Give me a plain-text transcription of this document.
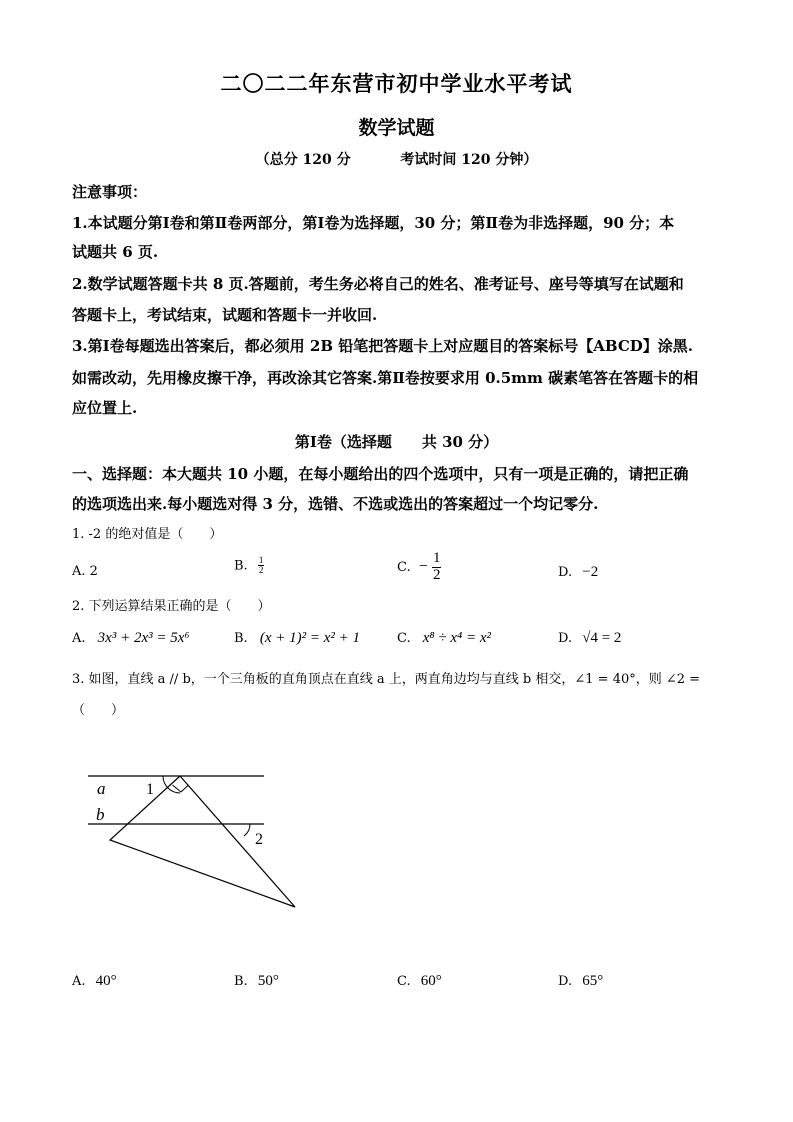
二〇二二年东营市初中学业水平考试
数学试题
（总分 120 分	考试时间 120 分钟）
注意事项：
1.本试题分第Ⅰ卷和第Ⅱ卷两部分，第Ⅰ卷为选择题，30 分；第Ⅱ卷为非选择题，90 分；本
试题共 6 页.
2.数学试题答题卡共 8 页.答题前，考生务必将自己的姓名、准考证号、座号等填写在试题和
答题卡上，考试结束，试题和答题卡一并收回.
3.第Ⅰ卷每题选出答案后，都必须用 2B 铅笔把答题卡上对应题目的答案标号【ABCD】涂黑.
如需改动，先用橡皮擦干净，再改涂其它答案.第Ⅱ卷按要求用 0.5mm 碳素笔答在答题卡的相
应位置上.
第Ⅰ卷（选择题　　共 30 分）
一、选择题：本大题共 10 小题，在每小题给出的四个选项中，只有一项是正确的，请把正确
的选项选出来.每小题选对得 3 分，选错、不选或选出的答案超过一个均记零分.
1. -2 的绝对值是（　　）
A. 2	B. $\frac{1}{2}$	C. − $\frac{1}{2}$	D. −2
2. 下列运算结果正确的是（　　）
A. 3x³ + 2x³ = 5x⁶	B. (x + 1)² = x² + 1	C. x⁸ ÷ x⁴ = x²	D. √4 = 2
3. 如图，直线 a // b，一个三角板的直角顶点在直线 a 上，两直角边均与直线 b 相交，∠1 = 40°，则 ∠2 =
（　　）
a
b
1
2
A. 40°	B. 50°	C. 60°	D. 65°
